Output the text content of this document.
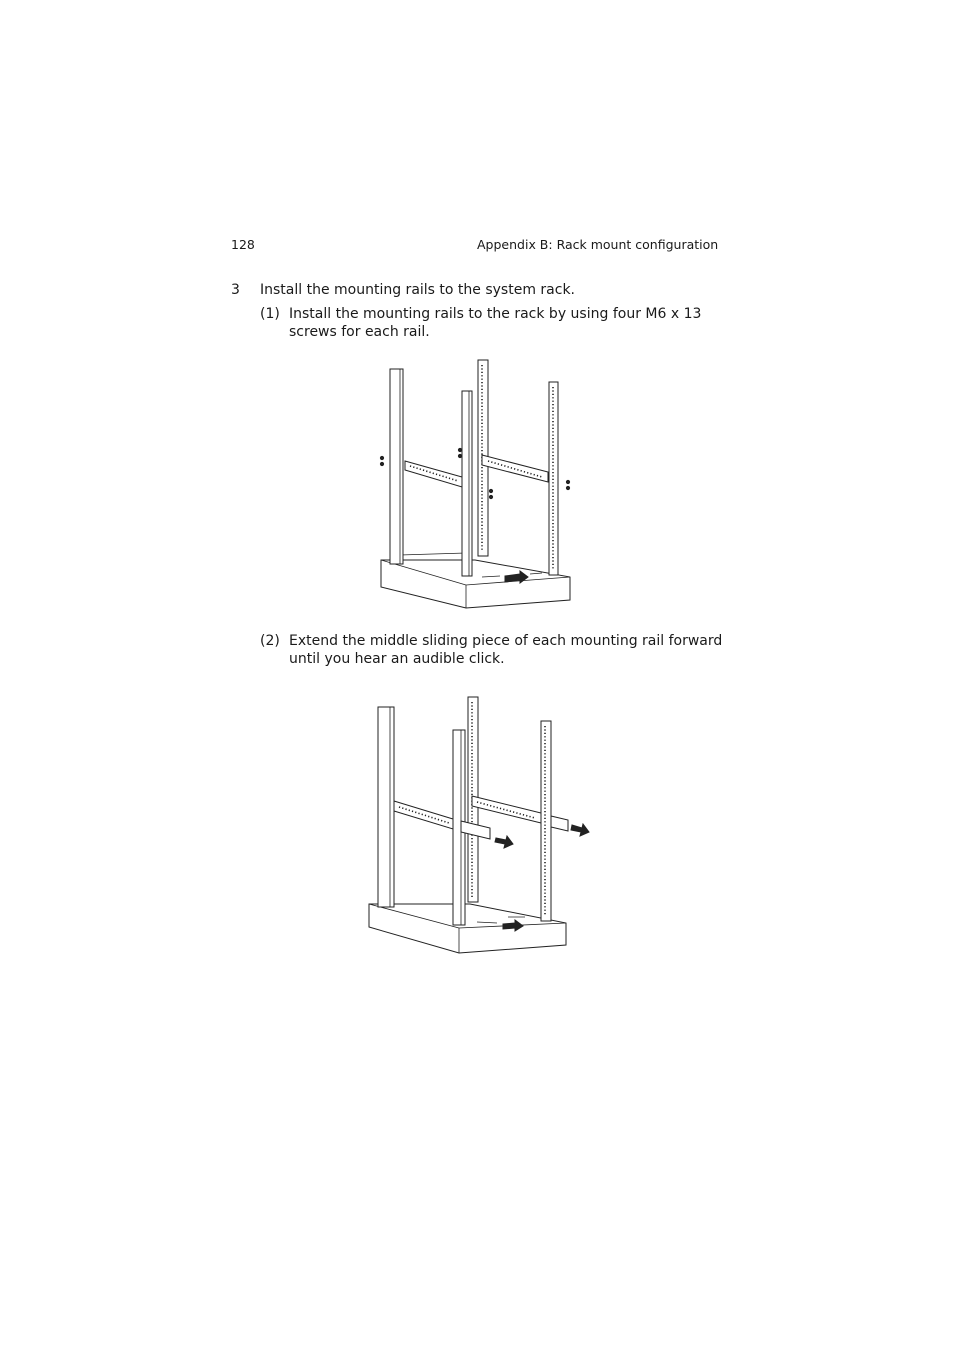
128	Appendix B: Rack mount configuration
3 Install the mounting rails to the system rack.
(1) Install the mounting rails to the rack by using four M6 x 13
screws for each rail.
(2) Extend the middle sliding piece of each mounting rail forward
until you hear an audible click.
